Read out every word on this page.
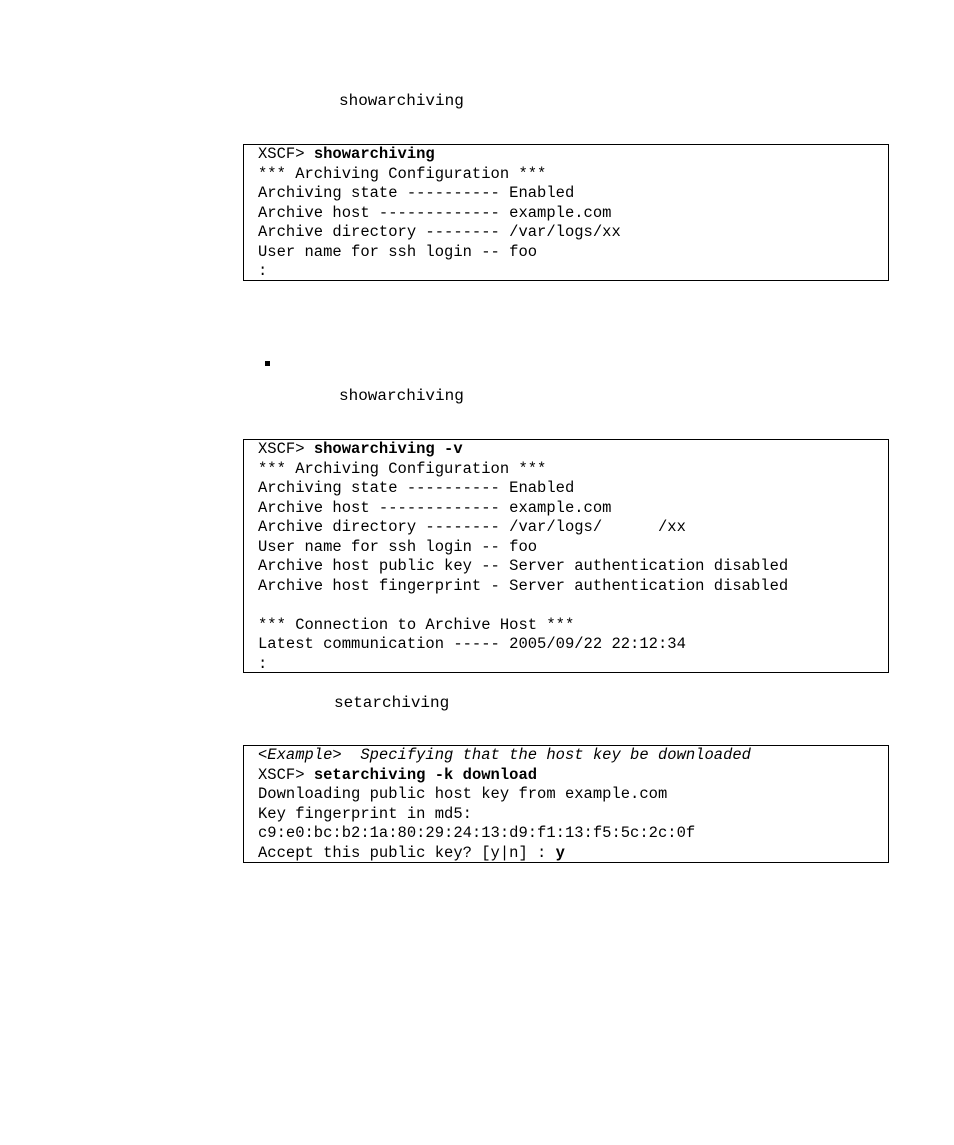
showarchiving
XSCF> showarchiving
*** Archiving Configuration ***
Archiving state ---------- Enabled
Archive host ------------- example.com
Archive directory -------- /var/logs/xx
User name for ssh login -- foo
:
showarchiving
XSCF> showarchiving -v
*** Archiving Configuration ***
Archiving state ---------- Enabled
Archive host ------------- example.com
Archive directory -------- /var/logs/      /xx
User name for ssh login -- foo
Archive host public key -- Server authentication disabled
Archive host fingerprint - Server authentication disabled
*** Connection to Archive Host ***
Latest communication ----- 2005/09/22 22:12:34
:
setarchiving
<Example>  Specifying that the host key be downloaded
XSCF> setarchiving -k download
Downloading public host key from example.com
Key fingerprint in md5:
c9:e0:bc:b2:1a:80:29:24:13:d9:f1:13:f5:5c:2c:0f
Accept this public key? [y|n] : y
